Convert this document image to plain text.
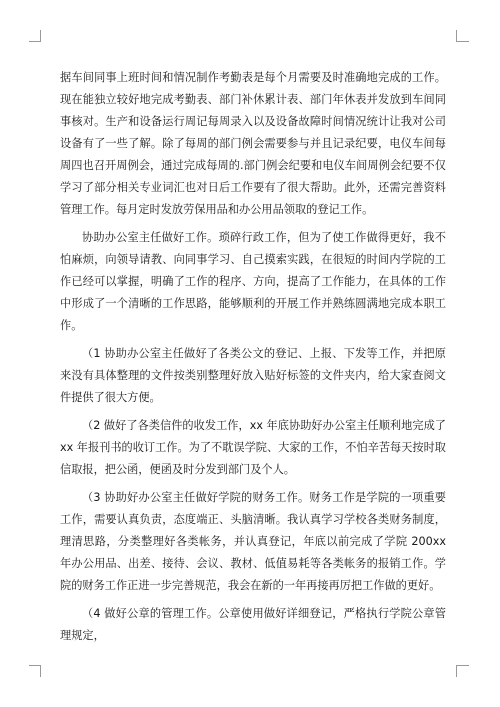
据车间同事上班时间和情况制作考勤表是每个月需要及时准确地完成的工作。现在能独立较好地完成考勤表、部门补休累计表、部门年休表并发放到车间同事核对。生产和设备运行周记每周录入以及设备故障时间情况统计让我对公司设备有了一些了解。除了每周的部门例会需要参与并且记录纪要，电仪车间每周四也召开周例会，通过完成每周的.部门例会纪要和电仪车间周例会纪要不仅学习了部分相关专业词汇也对日后工作要有了很大帮助。此外，还需完善资料管理工作。每月定时发放劳保用品和办公用品领取的登记工作。

协助办公室主任做好工作。琐碎行政工作，但为了使工作做得更好，我不怕麻烦，向领导请教、向同事学习、自己摸索实践，在很短的时间内学院的工作已经可以掌握，明确了工作的程序、方向，提高了工作能力，在具体的工作中形成了一个清晰的工作思路，能够顺利的开展工作并熟练圆满地完成本职工作。

（1 协助办公室主任做好了各类公文的登记、上报、下发等工作，并把原来没有具体整理的文件按类别整理好放入贴好标签的文件夹内，给大家查阅文件提供了很大方便。

（2 做好了各类信件的收发工作，xx 年底协助好办公室主任顺利地完成了 xx 年报刊书的收订工作。为了不耽误学院、大家的工作，不怕辛苦每天按时取信取报，把公函，便函及时分发到部门及个人。

（3 协助好办公室主任做好学院的财务工作。财务工作是学院的一项重要工作，需要认真负责，态度端正、头脑清晰。我认真学习学校各类财务制度，理清思路，分类整理好各类帐务，并认真登记，年底以前完成了学院 200xx 年办公用品、出差、接待、会议、教材、低值易耗等各类帐务的报销工作。学院的财务工作正进一步完善规范，我会在新的一年再接再厉把工作做的更好。

（4 做好公章的管理工作。公章使用做好详细登记，严格执行学院公章管理规定，
